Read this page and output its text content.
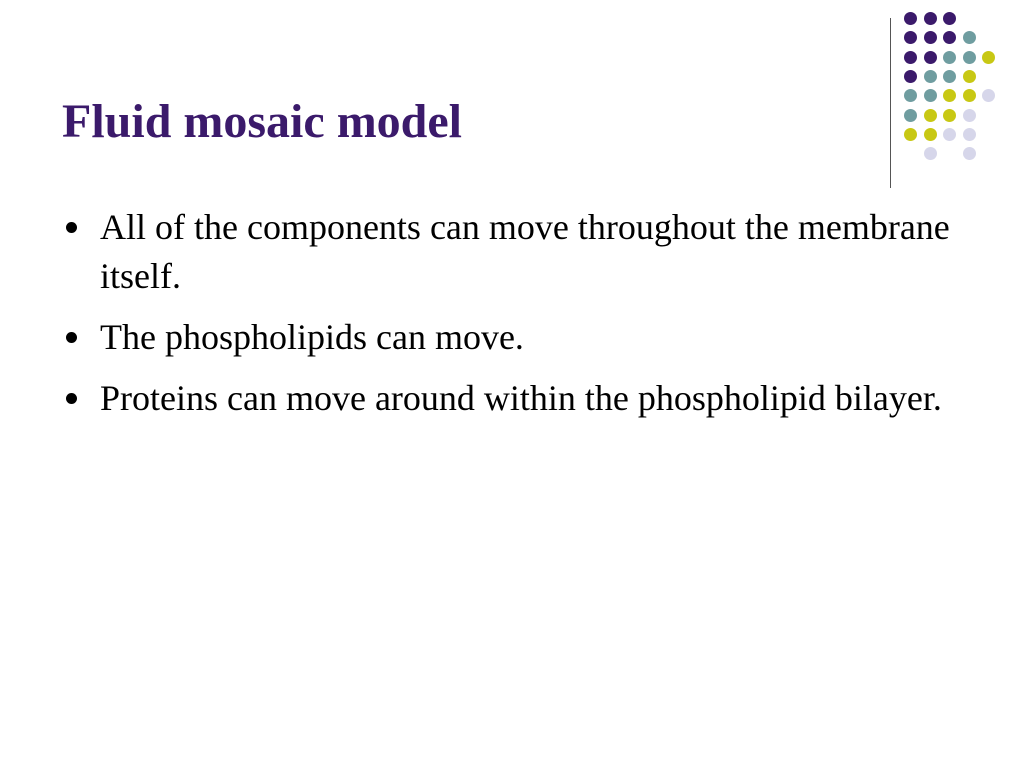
Fluid mosaic model
All of the components can move throughout the membrane itself.
The phospholipids can move.
Proteins can move around within the phospholipid bilayer.
